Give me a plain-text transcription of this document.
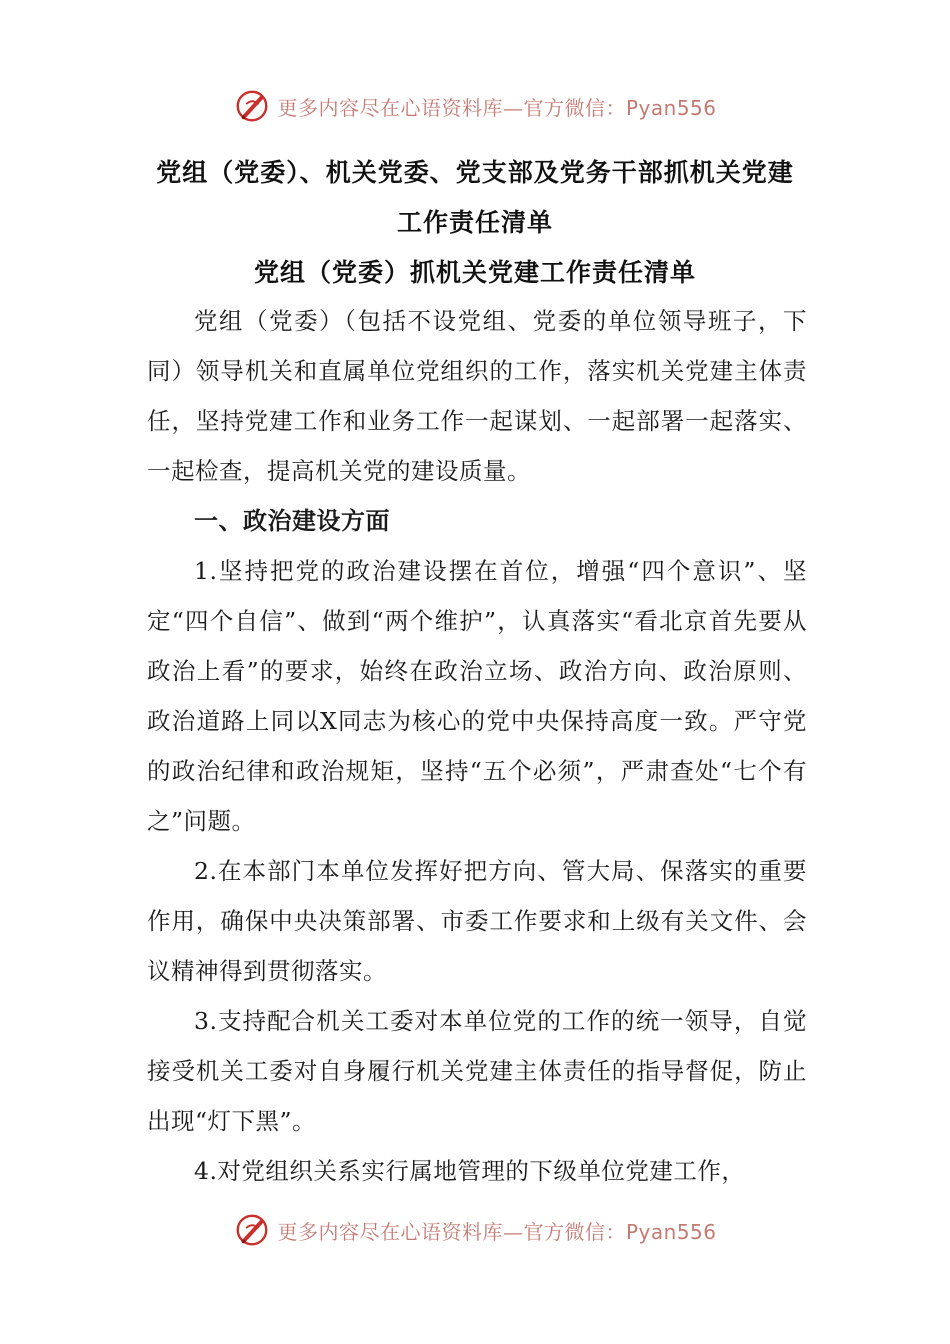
更多内容尽在心语资料库—官方微信：Pyan556
党组（党委）、机关党委、党支部及党务干部抓机关党建
工作责任清单
党组（党委）抓机关党建工作责任清单

党组（党委）（包括不设党组、党委的单位领导班子，下同）领导机关和直属单位党组织的工作，落实机关党建主体责任，坚持党建工作和业务工作一起谋划、一起部署一起落实、一起检查，提高机关党的建设质量。

一、政治建设方面

1.坚持把党的政治建设摆在首位，增强“四个意识”、坚定“四个自信”、做到“两个维护”，认真落实“看北京首先要从政治上看”的要求，始终在政治立场、政治方向、政治原则、政治道路上同以X同志为核心的党中央保持高度一致。严守党的政治纪律和政治规矩，坚持“五个必须”，严肃查处“七个有之”问题。

2.在本部门本单位发挥好把方向、管大局、保落实的重要作用，确保中央决策部署、市委工作要求和上级有关文件、会议精神得到贯彻落实。

3.支持配合机关工委对本单位党的工作的统一领导，自觉接受机关工委对自身履行机关党建主体责任的指导督促，防止出现“灯下黑”。

4.对党组织关系实行属地管理的下级单位党建工作，

更多内容尽在心语资料库—官方微信：Pyan556
